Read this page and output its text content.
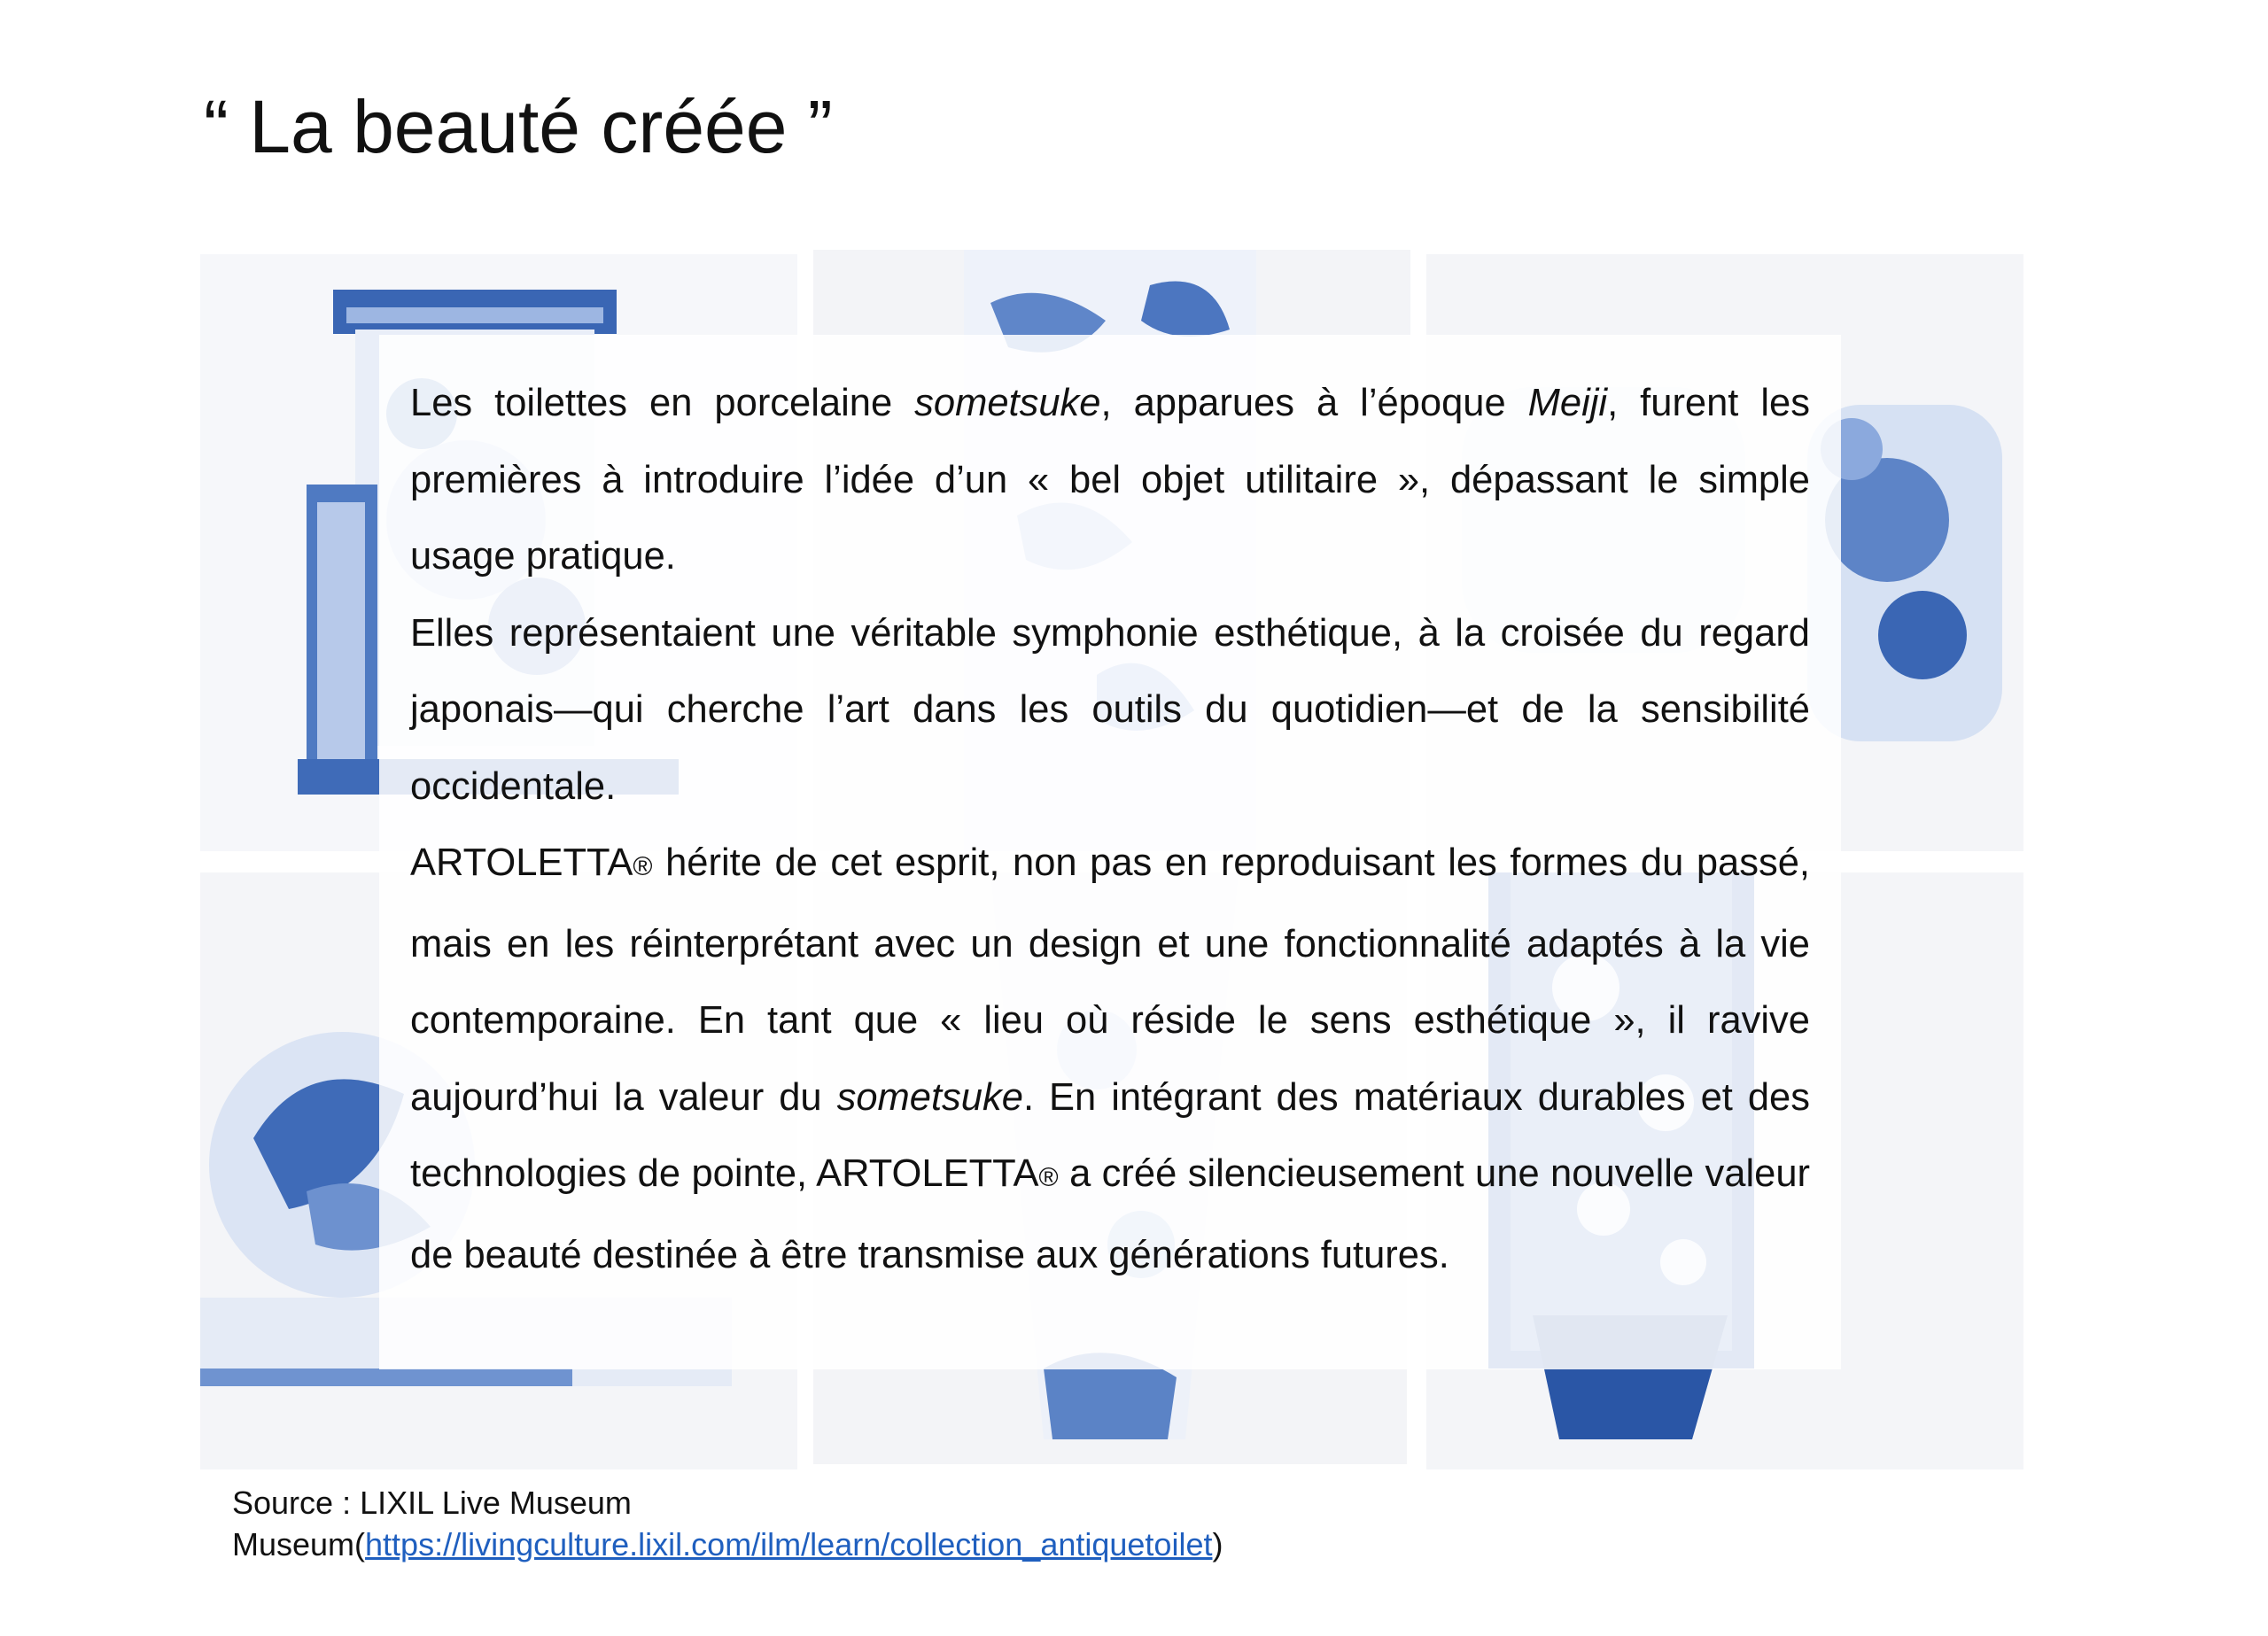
“ La beauté créée ”

Les toilettes en porcelaine sometsuke, apparues à l’époque Meiji, furent les premières à introduire l’idée d’un « bel objet utilitaire », dépassant le simple usage pratique.

Elles représentaient une véritable symphonie esthétique, à la croisée du regard japonais—qui cherche l’art dans les outils du quotidien—et de la sensibilité occidentale.

ARTOLETTA® hérite de cet esprit, non pas en reproduisant les formes du passé, mais en les réinterprétant avec un design et une fonctionnalité adaptés à la vie contemporaine. En tant que « lieu où réside le sens esthétique », il ravive aujourd’hui la valeur du sometsuke. En intégrant des matériaux durables et des technologies de pointe, ARTOLETTA® a créé silencieusement une nouvelle valeur de beauté destinée à être transmise aux générations futures.

Source : LIXIL Live Museum
Museum(https://livingculture.lixil.com/ilm/learn/collection_antiquetoilet)
